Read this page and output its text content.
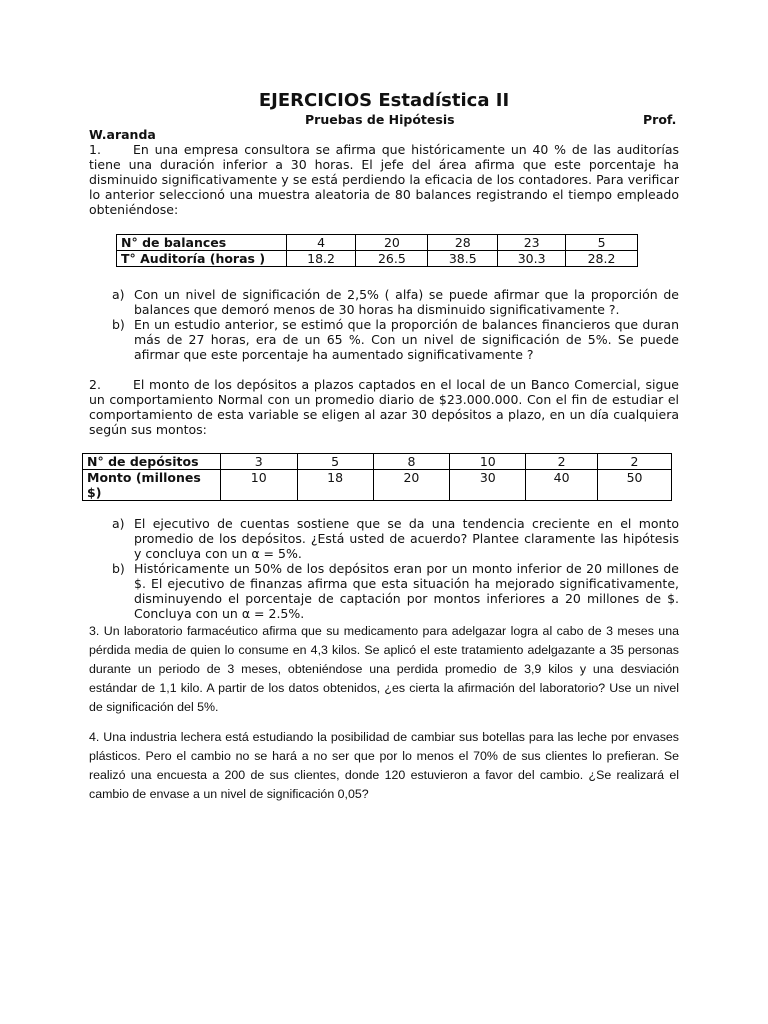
EJERCICIOS Estadística II
Pruebas de Hipótesis	Prof.
W.aranda
1.	En una empresa consultora se afirma que históricamente un 40 % de las auditorías tiene una duración inferior a 30 horas. El jefe del área afirma que este porcentaje ha disminuido significativamente y se está perdiendo la eficacia de los contadores. Para verificar lo anterior seleccionó una muestra aleatoria de 80 balances registrando el tiempo empleado obteniéndose:
N° de balances	4	20	28	23	5
T° Auditoría (horas )	18.2	26.5	38.5	30.3	28.2
a) Con un nivel de significación de 2,5% ( alfa) se puede afirmar que la proporción de balances que demoró menos de 30 horas ha disminuido significativamente ?.
b) En un estudio anterior, se estimó que la proporción de balances financieros que duran más de 27 horas, era de un 65 %. Con un nivel de significación de 5%. Se puede afirmar que este porcentaje ha aumentado significativamente ?
2.	El monto de los depósitos a plazos captados en el local de un Banco Comercial, sigue un comportamiento Normal con un promedio diario de $23.000.000. Con el fin de estudiar el comportamiento de esta variable se eligen al azar 30 depósitos a plazo, en un día cualquiera según sus montos:
N° de depósitos	3	5	8	10	2	2
Monto (millones $)	10	18	20	30	40	50
a) El ejecutivo de cuentas sostiene que se da una tendencia creciente en el monto promedio de los depósitos. ¿Está usted de acuerdo? Plantee claramente las hipótesis y concluya con un α = 5%.
b) Históricamente un 50% de los depósitos eran por un monto inferior de 20 millones de $. El ejecutivo de finanzas afirma que esta situación ha mejorado significativamente, disminuyendo el porcentaje de captación por montos inferiores a 20 millones de $. Concluya con un α = 2.5%.
3. Un laboratorio farmacéutico afirma que su medicamento para adelgazar logra al cabo de 3 meses una pérdida media de quien lo consume en 4,3 kilos. Se aplicó el este tratamiento adelgazante a 35 personas durante un periodo de 3 meses, obteniéndose una perdida promedio de 3,9 kilos y una desviación estándar de 1,1 kilo. A partir de los datos obtenidos, ¿es cierta la afirmación del laboratorio? Use un nivel de significación del 5%.
4. Una industria lechera está estudiando la posibilidad de cambiar sus botellas para las leche por envases plásticos. Pero el cambio no se hará a no ser que por lo menos el 70% de sus clientes lo prefieran. Se realizó una encuesta a 200 de sus clientes, donde 120 estuvieron a favor del cambio. ¿Se realizará el cambio de envase a un nivel de significación 0,05?
